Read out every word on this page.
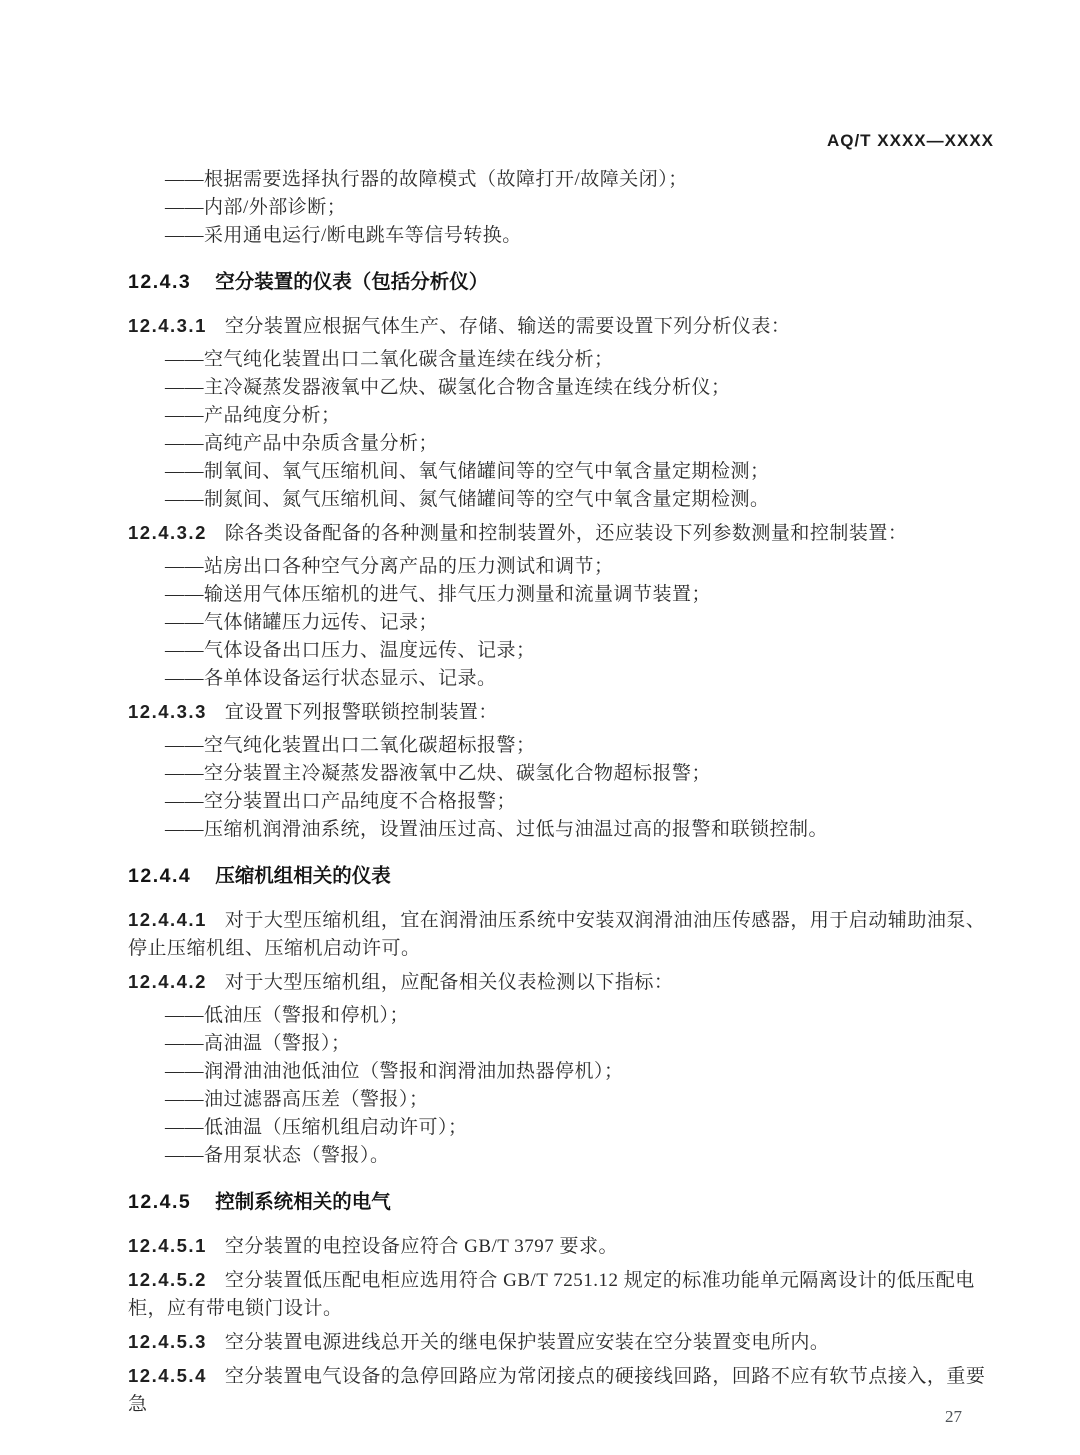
AQ/T XXXX—XXXX
——根据需要选择执行器的故障模式（故障打开/故障关闭）；
——内部/外部诊断；
——采用通电运行/断电跳车等信号转换。
12.4.3 空分装置的仪表（包括分析仪）

12.4.3.1 空分装置应根据气体生产、存储、输送的需要设置下列分析仪表：

——空气纯化装置出口二氧化碳含量连续在线分析；
——主冷凝蒸发器液氧中乙炔、碳氢化合物含量连续在线分析仪；
——产品纯度分析；
——高纯产品中杂质含量分析；
——制氧间、氧气压缩机间、氧气储罐间等的空气中氧含量定期检测；
——制氮间、氮气压缩机间、氮气储罐间等的空气中氧含量定期检测。

12.4.3.2 除各类设备配备的各种测量和控制装置外，还应装设下列参数测量和控制装置：

——站房出口各种空气分离产品的压力测试和调节；
——输送用气体压缩机的进气、排气压力测量和流量调节装置；
——气体储罐压力远传、记录；
——气体设备出口压力、温度远传、记录；
——各单体设备运行状态显示、记录。

12.4.3.3 宜设置下列报警联锁控制装置：

——空气纯化装置出口二氧化碳超标报警；
——空分装置主冷凝蒸发器液氧中乙炔、碳氢化合物超标报警；
——空分装置出口产品纯度不合格报警；
——压缩机润滑油系统，设置油压过高、过低与油温过高的报警和联锁控制。
12.4.4 压缩机组相关的仪表

12.4.4.1 对于大型压缩机组，宜在润滑油压系统中安装双润滑油油压传感器，用于启动辅助油泵、停止压缩机组、压缩机启动许可。

12.4.4.2 对于大型压缩机组，应配备相关仪表检测以下指标：

——低油压（警报和停机）；
——高油温（警报）；
——润滑油油池低油位（警报和润滑油加热器停机）；
——油过滤器高压差（警报）；
——低油温（压缩机组启动许可）；
——备用泵状态（警报）。
12.4.5 控制系统相关的电气

12.4.5.1 空分装置的电控设备应符合 GB/T 3797 要求。

12.4.5.2 空分装置低压配电柜应选用符合 GB/T 7251.12 规定的标准功能单元隔离设计的低压配电柜，应有带电锁门设计。

12.4.5.3 空分装置电源进线总开关的继电保护装置应安装在空分装置变电所内。

12.4.5.4 空分装置电气设备的急停回路应为常闭接点的硬接线回路，回路不应有软节点接入，重要急

27
